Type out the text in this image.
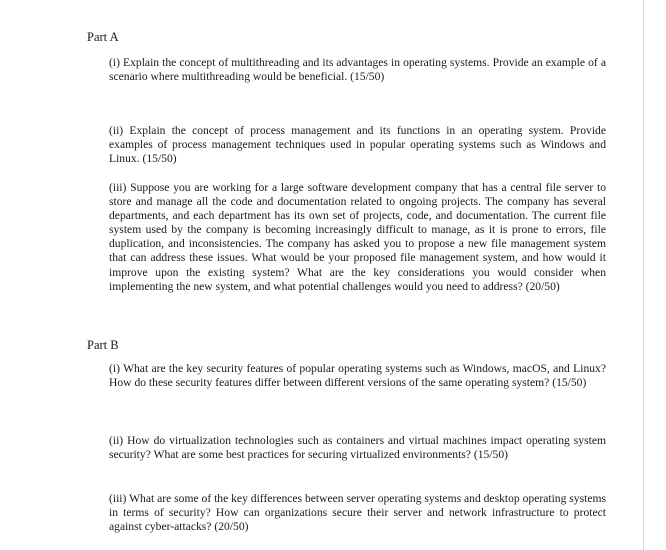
Part A
(i) Explain the concept of multithreading and its advantages in operating systems. Provide an example of a scenario where multithreading would be beneficial. (15/50)
(ii) Explain the concept of process management and its functions in an operating system. Provide examples of process management techniques used in popular operating systems such as Windows and Linux. (15/50)
(iii) Suppose you are working for a large software development company that has a central file server to store and manage all the code and documentation related to ongoing projects. The company has several departments, and each department has its own set of projects, code, and documentation. The current file system used by the company is becoming increasingly difficult to manage, as it is prone to errors, file duplication, and inconsistencies. The company has asked you to propose a new file management system that can address these issues. What would be your proposed file management system, and how would it improve upon the existing system? What are the key considerations you would consider when implementing the new system, and what potential challenges would you need to address? (20/50)
Part B
(i) What are the key security features of popular operating systems such as Windows, macOS, and Linux? How do these security features differ between different versions of the same operating system? (15/50)
(ii) How do virtualization technologies such as containers and virtual machines impact operating system security? What are some best practices for securing virtualized environments? (15/50)
(iii) What are some of the key differences between server operating systems and desktop operating systems in terms of security? How can organizations secure their server and network infrastructure to protect against cyber-attacks? (20/50)
